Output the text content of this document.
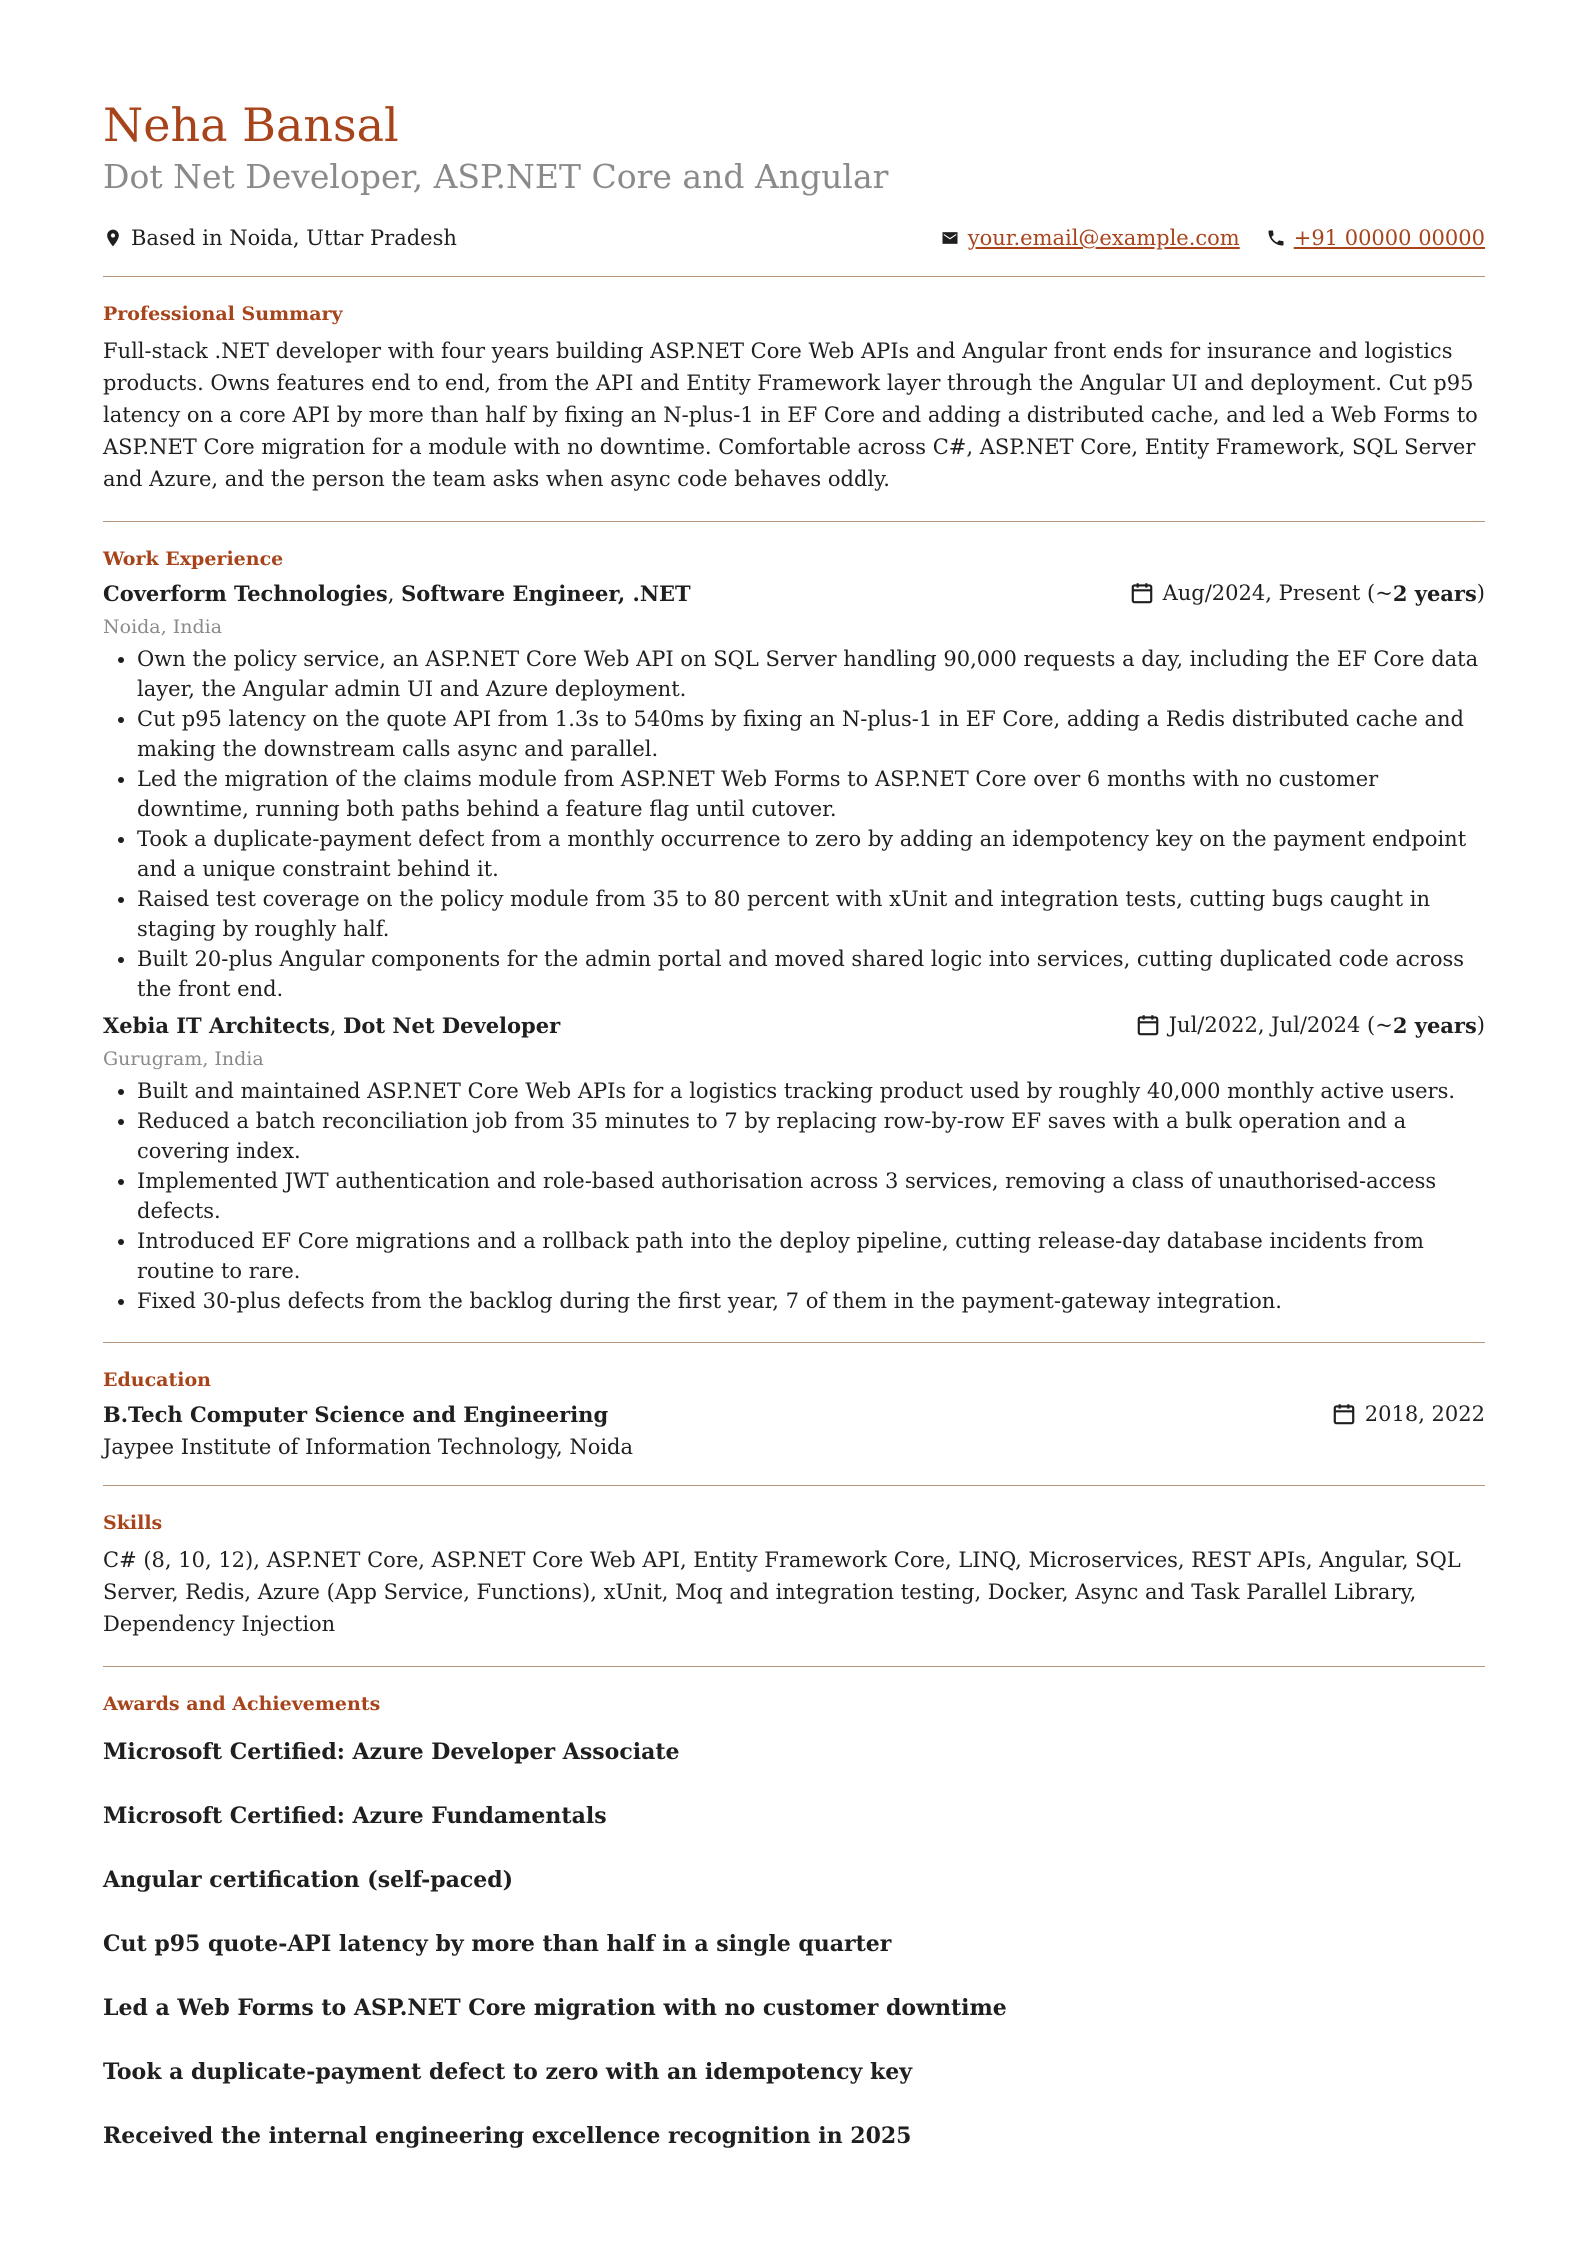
Neha Bansal
Dot Net Developer, ASP.NET Core and Angular
Based in Noida, Uttar Pradesh	your.email@example.com	+91 00000 00000
Professional Summary

Full-stack .NET developer with four years building ASP.NET Core Web APIs and Angular front ends for insurance and logistics products. Owns features end to end, from the API and Entity Framework layer through the Angular UI and deployment. Cut p95 latency on a core API by more than half by fixing an N-plus-1 in EF Core and adding a distributed cache, and led a Web Forms to ASP.NET Core migration for a module with no downtime. Comfortable across C#, ASP.NET Core, Entity Framework, SQL Server and Azure, and the person the team asks when async code behaves oddly.

Work Experience
Coverform Technologies, Software Engineer, .NET	Aug/2024, Present (~ 2 years )
Noida, India
• Own the policy service, an ASP.NET Core Web API on SQL Server handling 90,000 requests a day, including the EF Core data layer, the Angular admin UI and Azure deployment.
• Cut p95 latency on the quote API from 1.3s to 540ms by fixing an N-plus-1 in EF Core, adding a Redis distributed cache and making the downstream calls async and parallel.
• Led the migration of the claims module from ASP.NET Web Forms to ASP.NET Core over 6 months with no customer downtime, running both paths behind a feature flag until cutover.
• Took a duplicate-payment defect from a monthly occurrence to zero by adding an idempotency key on the payment endpoint and a unique constraint behind it.
• Raised test coverage on the policy module from 35 to 80 percent with xUnit and integration tests, cutting bugs caught in staging by roughly half.
• Built 20-plus Angular components for the admin portal and moved shared logic into services, cutting duplicated code across the front end.
Xebia IT Architects, Dot Net Developer	Jul/2022, Jul/2024 (~ 2 years )
Gurugram, India
• Built and maintained ASP.NET Core Web APIs for a logistics tracking product used by roughly 40,000 monthly active users.
• Reduced a batch reconciliation job from 35 minutes to 7 by replacing row-by-row EF saves with a bulk operation and a covering index.
• Implemented JWT authentication and role-based authorisation across 3 services, removing a class of unauthorised-access defects.
• Introduced EF Core migrations and a rollback path into the deploy pipeline, cutting release-day database incidents from routine to rare.
• Fixed 30-plus defects from the backlog during the first year, 7 of them in the payment-gateway integration.
Education
B.Tech Computer Science and Engineering	2018, 2022
Jaypee Institute of Information Technology, Noida
Skills

C# (8, 10, 12), ASP.NET Core, ASP.NET Core Web API, Entity Framework Core, LINQ, Microservices, REST APIs, Angular, SQL Server, Redis, Azure (App Service, Functions), xUnit, Moq and integration testing, Docker, Async and Task Parallel Library, Dependency Injection

Awards and Achievements

Microsoft Certified: Azure Developer Associate

Microsoft Certified: Azure Fundamentals

Angular certification (self-paced)

Cut p95 quote-API latency by more than half in a single quarter

Led a Web Forms to ASP.NET Core migration with no customer downtime

Took a duplicate-payment defect to zero with an idempotency key

Received the internal engineering excellence recognition in 2025
